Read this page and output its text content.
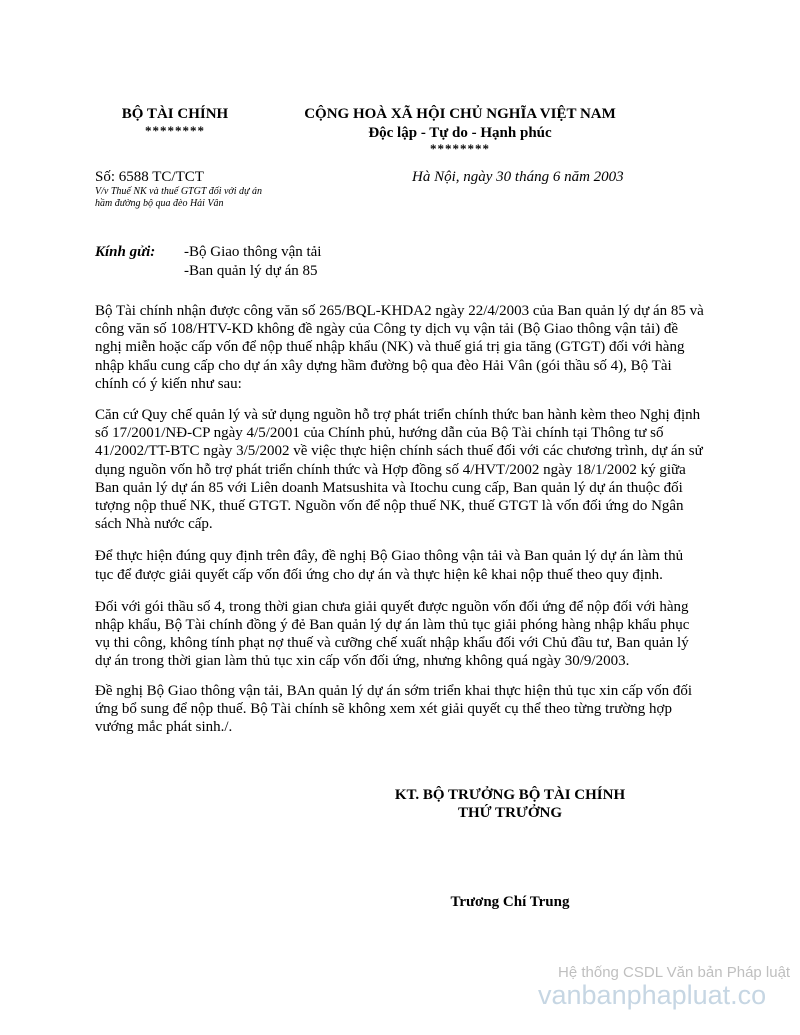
BỘ TÀI CHÍNH
********
CỘNG HOÀ XÃ HỘI CHỦ NGHĨA VIỆT NAM
Độc lập - Tự do - Hạnh phúc
********
Số: 6588 TC/TCT
V/v Thuế NK và thuế GTGT đối với dự án
hầm đường bộ qua đèo Hải Vân
Hà Nội, ngày 30 tháng 6 năm 2003
Kính gửi: -Bộ Giao thông vận tải
-Ban quản lý dự án 85

Bộ Tài chính nhận được công văn số 265/BQL-KHDA2 ngày 22/4/2003 của Ban quản lý dự án 85 và công văn số 108/HTV-KD không đề ngày của Công ty dịch vụ vận tải (Bộ Giao thông vận tải) đề nghị miễn hoặc cấp vốn để nộp thuế nhập khẩu (NK) và thuế giá trị gia tăng (GTGT) đối với hàng nhập khẩu cung cấp cho dự án xây dựng hầm đường bộ qua đèo Hải Vân (gói thầu số 4), Bộ Tài chính có ý kiến như sau:

Căn cứ Quy chế quản lý và sử dụng nguồn hỗ trợ phát triển chính thức ban hành kèm theo Nghị định số 17/2001/NĐ-CP ngày 4/5/2001 của Chính phủ, hướng dẫn của Bộ Tài chính tại Thông tư số 41/2002/TT-BTC ngày 3/5/2002 về việc thực hiện chính sách thuế đối với các chương trình, dự án sử dụng nguồn vốn hỗ trợ phát triển chính thức và Hợp đồng số 4/HVT/2002 ngày 18/1/2002 ký giữa Ban quản lý dự án 85 với Liên doanh Matsushita và Itochu cung cấp, Ban quản lý dự án thuộc đối tượng nộp thuế NK, thuế GTGT. Nguồn vốn để nộp thuế NK, thuế GTGT là vốn đối ứng do Ngân sách Nhà nước cấp.

Để thực hiện đúng quy định trên đây, đề nghị Bộ Giao thông vận tải và Ban quản lý dự án làm thủ tục để được giải quyết cấp vốn đối ứng cho dự án và thực hiện kê khai nộp thuế theo quy định.

Đối với gói thầu số 4, trong thời gian chưa giải quyết được nguồn vốn đối ứng để nộp đối với hàng nhập khẩu, Bộ Tài chính đồng ý đẻ Ban quản lý dự án làm thủ tục giải phóng hàng nhập khẩu phục vụ thi công, không tính phạt nợ thuế và cưỡng chế xuất nhập khẩu đối với Chủ đầu tư, Ban quản lý dự án trong thời gian làm thủ tục xin cấp vốn đối ứng, nhưng không quá ngày 30/9/2003.

Đề nghị Bộ Giao thông vận tải, BAn quản lý dự án sớm triển khai thực hiện thủ tục xin cấp vốn đối ứng bổ sung để nộp thuế. Bộ Tài chính sẽ không xem xét giải quyết cụ thể theo từng trường hợp vướng mắc phát sinh./.

KT. BỘ TRƯỞNG BỘ TÀI CHÍNH
THỨ TRƯỞNG
Trương Chí Trung
Hệ thống CSDL Văn bản Pháp luật
vanbanphapluat.co
